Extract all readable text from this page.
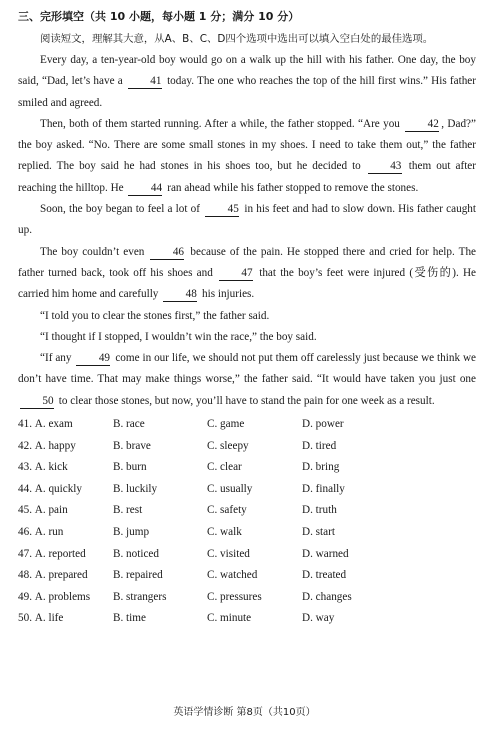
三、完形填空（共 10 小题，每小题 1 分；满分 10 分）
阅读短文，理解其大意，从A、B、C、D四个选项中选出可以填入空白处的最佳选项。

Every day, a ten-year-old boy would go on a walk up the hill with his father. One day, the boy said, “Dad, let’s have a 41 today. The one who reaches the top of the hill first wins.” His father smiled and agreed.

Then, both of them started running. After a while, the father stopped. “Are you 42 , Dad?” the boy asked. “No. There are some small stones in my shoes. I need to take them out,” the father replied. The boy said he had stones in his shoes too, but he decided to 43 them out after reaching the hilltop. He 44 ran ahead while his father stopped to remove the stones.

Soon, the boy began to feel a lot of 45 in his feet and had to slow down. His father caught up.

The boy couldn’t even 46 because of the pain. He stopped there and cried for help. The father turned back, took off his shoes and 47 that the boy’s feet were injured (受伤的). He carried him home and carefully 48 his injuries.

“I told you to clear the stones first,” the father said.

“I thought if I stopped, I wouldn’t win the race,” the boy said.

“If any 49 come in our life, we should not put them off carelessly just because we think we don’t have time. That may make things worse,” the father said. “It would have taken you just one 50 to clear those stones, but now, you’ll have to stand the pain for one week as a result.

41. A. exam	B. race	C. game	D. power
42. A. happy	B. brave	C. sleepy	D. tired
43. A. kick	B. burn	C. clear	D. bring
44. A. quickly	B. luckily	C. usually	D. finally
45. A. pain	B. rest	C. safety	D. truth
46. A. run	B. jump	C. walk	D. start
47. A. reported	B. noticed	C. visited	D. warned
48. A. prepared	B. repaired	C. watched	D. treated
49. A. problems	B. strangers	C. pressures	D. changes
50. A. life	B. time	C. minute	D. way
英语学情诊断 第8页（共10页）
